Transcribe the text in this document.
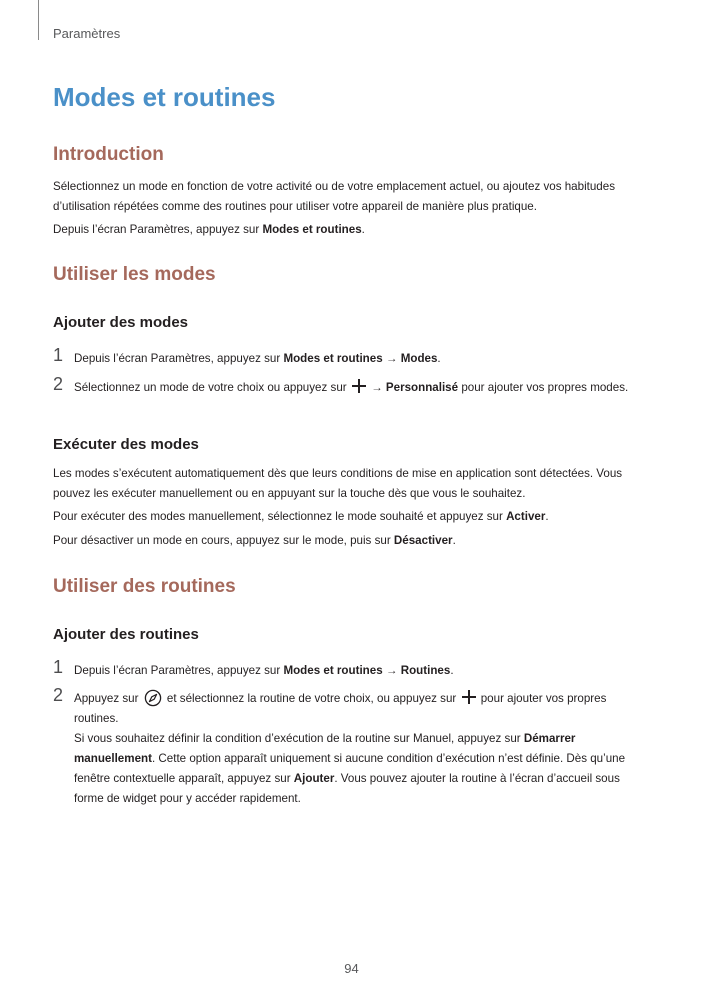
Paramètres
Modes et routines
Introduction

Sélectionnez un mode en fonction de votre activité ou de votre emplacement actuel, ou ajoutez vos habitudes d’utilisation répétées comme des routines pour utiliser votre appareil de manière plus pratique.

Depuis l’écran Paramètres, appuyez sur Modes et routines.

Utiliser les modes
Ajouter des modes
1 Depuis l’écran Paramètres, appuyez sur Modes et routines → Modes.
2 Sélectionnez un mode de votre choix ou appuyez sur  → Personnalisé pour ajouter vos propres modes.
Exécuter des modes

Les modes s’exécutent automatiquement dès que leurs conditions de mise en application sont détectées. Vous pouvez les exécuter manuellement ou en appuyant sur la touche dès que vous le souhaitez.

Pour exécuter des modes manuellement, sélectionnez le mode souhaité et appuyez sur Activer.

Pour désactiver un mode en cours, appuyez sur le mode, puis sur Désactiver.

Utiliser des routines
Ajouter des routines
1 Depuis l’écran Paramètres, appuyez sur Modes et routines → Routines.
2 Appuyez sur  et sélectionnez la routine de votre choix, ou appuyez sur  pour ajouter vos propres routines.
Si vous souhaitez définir la condition d’exécution de la routine sur Manuel, appuyez sur Démarrer manuellement. Cette option apparaît uniquement si aucune condition d’exécution n’est définie. Dès qu’une fenêtre contextuelle apparaît, appuyez sur Ajouter. Vous pouvez ajouter la routine à l’écran d’accueil sous forme de widget pour y accéder rapidement.
94
